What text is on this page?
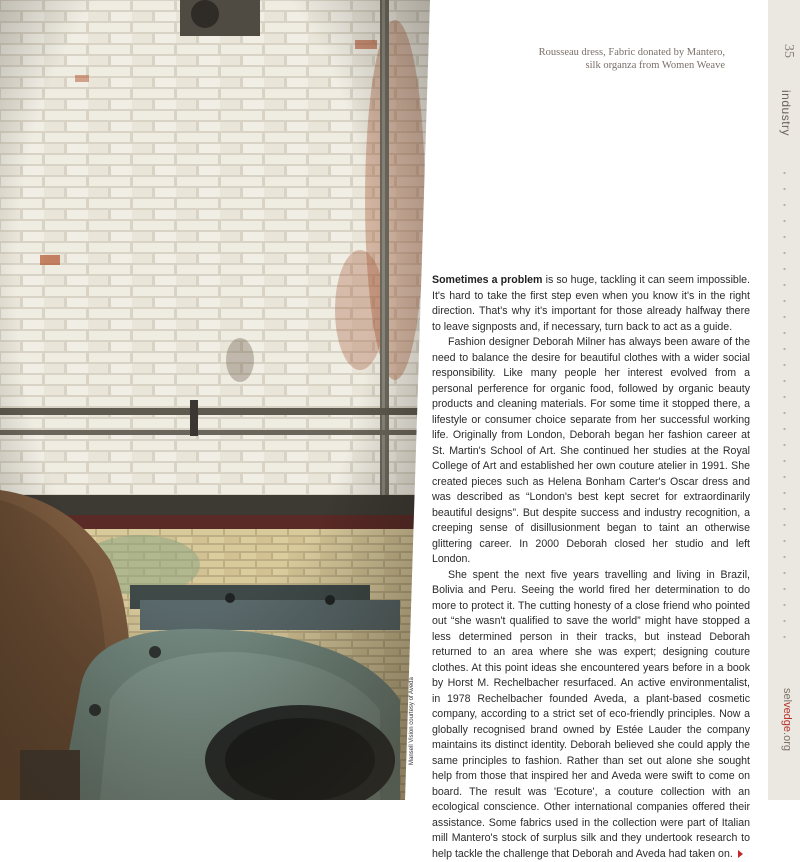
Mansell Vision courtesy of Aveda
Rousseau dress, Fabric donated by Mantero,
silk organza from Women Weave

Sometimes a problem is so huge, tackling it can seem impossible. It's hard to take the first step even when you know it's in the right direction. That's why it's important for those already halfway there to leave signposts and, if necessary, turn back to act as a guide.

Fashion designer Deborah Milner has always been aware of the need to balance the desire for beautiful clothes with a wider social responsibility. Like many people her interest evolved from a personal perference for organic food, followed by organic beauty products and cleaning materials. For some time it stopped there, a lifestyle or consumer choice separate from her successful working life. Originally from London, Deborah began her fashion career at St. Martin's School of Art. She continued her studies at the Royal College of Art and established her own couture atelier in 1991. She created pieces such as Helena Bonham Carter's Oscar dress and was described as “London's best kept secret for extraordinarily beautiful designs”. But despite success and industry recognition, a creeping sense of disillusionment began to taint an otherwise glittering career. In 2000 Deborah closed her studio and left London.

She spent the next five years travelling and living in Brazil, Bolivia and Peru. Seeing the world fired her determination to do more to protect it. The cutting honesty of a close friend who pointed out “she wasn't qualified to save the world” might have stopped a less determined person in their tracks, but instead Deborah returned to an area where she was expert; designing couture clothes. At this point ideas she encountered years before in a book by Horst M. Rechelbacher resurfaced. An active environmentalist, in 1978 Rechelbacher founded Aveda, a plant-based cosmetic company, according to a strict set of eco-friendly principles. Now a globally recognised brand owned by Estée Lauder the company maintains its distinct identity. Deborah believed she could apply the same principles to fashion. Rather than set out alone she sought help from those that inspired her and Aveda were swift to come on board. The result was 'Ecoture', a couture collection with an ecological conscience. Other international companies offered their assistance. Some fabrics used in the collection were part of Italian mill Mantero's stock of surplus silk and they undertook research to help tackle the challenge that Deborah and Aveda had taken on.

35
industry
selvedge.org
